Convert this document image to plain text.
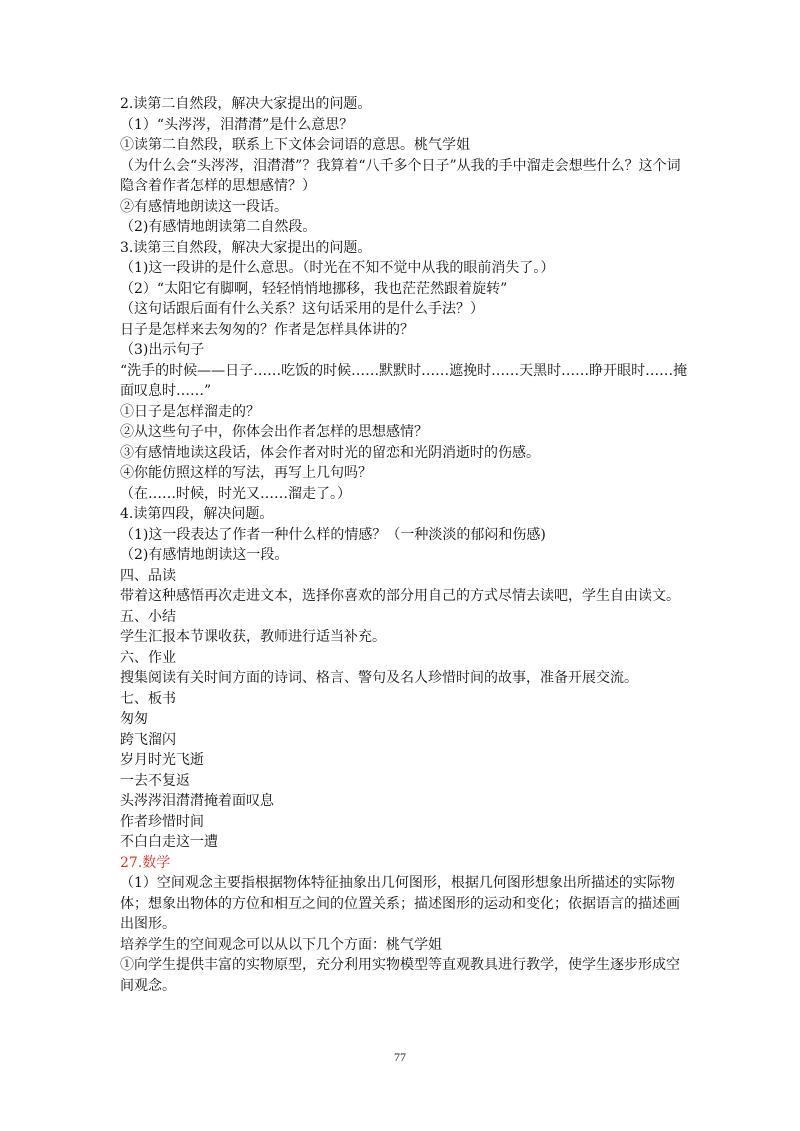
2.读第二自然段，解决大家提出的问题。

（1）“头涔涔，泪潸潸”是什么意思？

①读第二自然段，联系上下文体会词语的意思。桃气学姐

（为什么会“头涔涔，泪潸潸”？我算着“八千多个日子”从我的手中溜走会想些什么？这个词隐含着作者怎样的思想感情？）

②有感情地朗读这一段话。

（2)有感情地朗读第二自然段。

3.读第三自然段，解决大家提出的问题。

（1)这一段讲的是什么意思。（时光在不知不觉中从我的眼前消失了。）

（2）“太阳它有脚啊，轻轻悄悄地挪移，我也茫茫然跟着旋转”

（这句话跟后面有什么关系？这句话采用的是什么手法？）

日子是怎样来去匆匆的？作者是怎样具体讲的？

（3)出示句子

“洗手的时候——日子……吃饭的时候……默默时……遮挽时……天黑时……睁开眼时……掩面叹息时……”

①日子是怎样溜走的？

②从这些句子中，你体会出作者怎样的思想感情？

③有感情地读这段话，体会作者对时光的留恋和光阴消逝时的伤感。

④你能仿照这样的写法，再写上几句吗？

（在……时候，时光又……溜走了。）

4.读第四段，解决问题。

（1)这一段表达了作者一种什么样的情感？（一种淡淡的郁闷和伤感)

（2)有感情地朗读这一段。

四、品读

带着这种感悟再次走进文本，选择你喜欢的部分用自己的方式尽情去读吧，学生自由读文。

五、小结

学生汇报本节课收获，教师进行适当补充。

六、作业

搜集阅读有关时间方面的诗词、格言、警句及名人珍惜时间的故事，准备开展交流。

七、板书

匆匆

跨飞溜闪

岁月时光飞逝

一去不复返

头涔涔泪潸潸掩着面叹息

作者珍惜时间

不白白走这一遭

27.数学

（1）空间观念主要指根据物体特征抽象出几何图形，根据几何图形想象出所描述的实际物体；想象出物体的方位和相互之间的位置关系；描述图形的运动和变化；依据语言的描述画出图形。

培养学生的空间观念可以从以下几个方面：桃气学姐

①向学生提供丰富的实物原型，充分利用实物模型等直观教具进行教学，使学生逐步形成空间观念。

77
